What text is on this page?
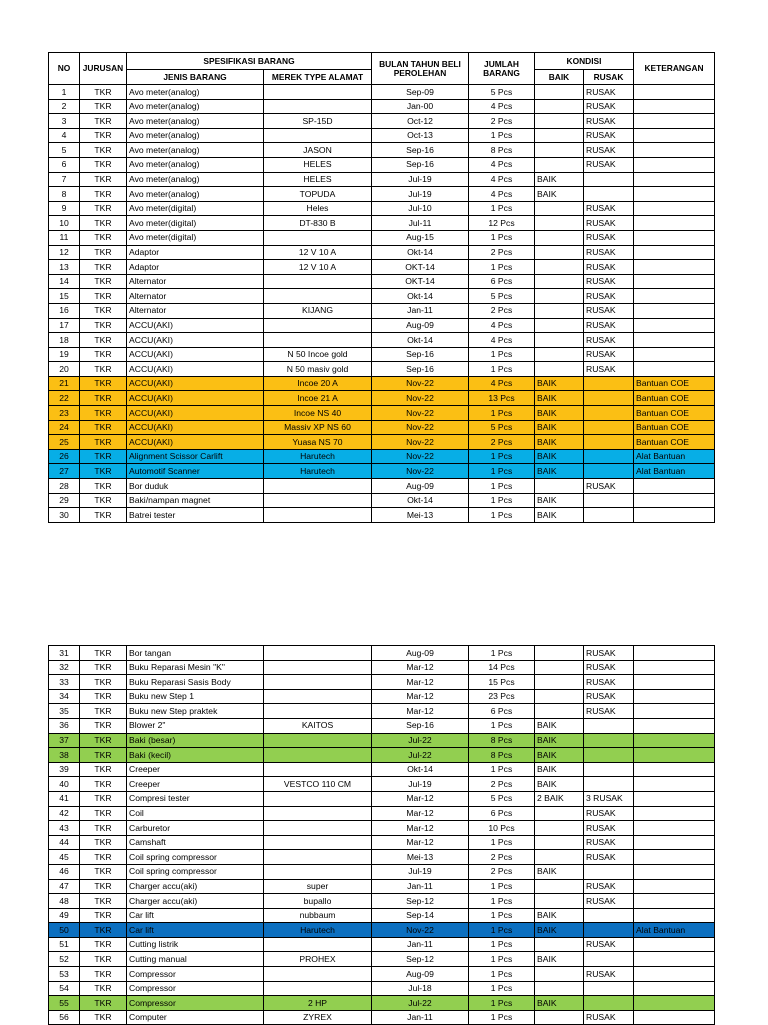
NO	JURUSAN	SPESIFIKASI BARANG		BULAN TAHUN BELI PEROLEHAN	JUMLAH BARANG	KONDISI		KETERANGAN
		JENIS BARANG	MEREK TYPE ALAMAT					
						BAIK	RUSAK	
1	TKR	Avo meter(analog)		Sep-09	5 Pcs		RUSAK	
2	TKR	Avo meter(analog)		Jan-00	4 Pcs		RUSAK	
3	TKR	Avo meter(analog)	SP-15D	Oct-12	2 Pcs		RUSAK	
4	TKR	Avo meter(analog)		Oct-13	1 Pcs		RUSAK	
5	TKR	Avo meter(analog)	JASON	Sep-16	8 Pcs		RUSAK	
6	TKR	Avo meter(analog)	HELES	Sep-16	4 Pcs		RUSAK	
7	TKR	Avo meter(analog)	HELES	Jul-19	4 Pcs	BAIK		
8	TKR	Avo meter(analog)	TOPUDA	Jul-19	4 Pcs	BAIK		
9	TKR	Avo meter(digital)	Heles	Jul-10	1 Pcs		RUSAK	
10	TKR	Avo meter(digital)	DT-830 B	Jul-11	12 Pcs		RUSAK	
11	TKR	Avo meter(digital)		Aug-15	1 Pcs		RUSAK	
12	TKR	Adaptor	12 V 10 A	Okt-14	2 Pcs		RUSAK	
13	TKR	Adaptor	12 V 10 A	OKT-14	1 Pcs		RUSAK	
14	TKR	Alternator		OKT-14	6 Pcs		RUSAK	
15	TKR	Alternator		Okt-14	5 Pcs		RUSAK	
16	TKR	Alternator	KIJANG	Jan-11	2 Pcs		RUSAK	
17	TKR	ACCU(AKI)		Aug-09	4 Pcs		RUSAK	
18	TKR	ACCU(AKI)		Okt-14	4 Pcs		RUSAK	
19	TKR	ACCU(AKI)	N 50 Incoe gold	Sep-16	1 Pcs		RUSAK	
20	TKR	ACCU(AKI)	N 50 masiv gold	Sep-16	1 Pcs		RUSAK	
21	TKR	ACCU(AKI)	Incoe 20 A	Nov-22	4 Pcs	BAIK		Bantuan COE
22	TKR	ACCU(AKI)	Incoe 21 A	Nov-22	13 Pcs	BAIK		Bantuan COE
23	TKR	ACCU(AKI)	Incoe NS 40	Nov-22	1 Pcs	BAIK		Bantuan COE
24	TKR	ACCU(AKI)	Massiv XP NS 60	Nov-22	5 Pcs	BAIK		Bantuan COE
25	TKR	ACCU(AKI)	Yuasa NS 70	Nov-22	2 Pcs	BAIK		Bantuan COE
26	TKR	Alignment Scissor Carlift	Harutech	Nov-22	1 Pcs	BAIK		Alat Bantuan
27	TKR	Automotif Scanner	Harutech	Nov-22	1 Pcs	BAIK		Alat Bantuan
28	TKR	Bor duduk		Aug-09	1 Pcs		RUSAK	
29	TKR	Baki/nampan magnet		Okt-14	1 Pcs	BAIK		
30	TKR	Batrei tester		Mei-13	1 Pcs	BAIK		
31	TKR	Bor tangan		Aug-09	1 Pcs		RUSAK	
32	TKR	Buku Reparasi Mesin "K"		Mar-12	14 Pcs		RUSAK	
33	TKR	Buku Reparasi Sasis Body		Mar-12	15 Pcs		RUSAK	
34	TKR	Buku new Step 1		Mar-12	23 Pcs		RUSAK	
35	TKR	Buku new Step praktek		Mar-12	6 Pcs		RUSAK	
36	TKR	Blower 2"	KAITOS	Sep-16	1 Pcs	BAIK		
37	TKR	Baki (besar)		Jul-22	8 Pcs	BAIK		
38	TKR	Baki (kecil)		Jul-22	8 Pcs	BAIK		
39	TKR	Creeper		Okt-14	1 Pcs	BAIK		
40	TKR	Creeper	VESTCO 110 CM	Jul-19	2 Pcs	BAIK		
41	TKR	Compresi tester		Mar-12	5 Pcs	2 BAIK	3 RUSAK	
42	TKR	Coil		Mar-12	6 Pcs		RUSAK	
43	TKR	Carburetor		Mar-12	10 Pcs		RUSAK	
44	TKR	Camshaft		Mar-12	1 Pcs		RUSAK	
45	TKR	Coil spring compressor		Mei-13	2 Pcs		RUSAK	
46	TKR	Coil spring compressor		Jul-19	2 Pcs	BAIK		
47	TKR	Charger accu(aki)	super	Jan-11	1 Pcs		RUSAK	
48	TKR	Charger accu(aki)	bupallo	Sep-12	1 Pcs		RUSAK	
49	TKR	Car lift	nubbaum	Sep-14	1 Pcs	BAIK		
50	TKR	Car lift	Harutech	Nov-22	1 Pcs	BAIK		Alat Bantuan
51	TKR	Cutting listrik		Jan-11	1 Pcs		RUSAK	
52	TKR	Cutting manual	PROHEX	Sep-12	1 Pcs	BAIK		
53	TKR	Compressor		Aug-09	1 Pcs		RUSAK	
54	TKR	Compressor		Jul-18	1 Pcs			
55	TKR	Compressor	2 HP	Jul-22	1 Pcs	BAIK		
56	TKR	Computer	ZYREX	Jan-11	1 Pcs		RUSAK	
